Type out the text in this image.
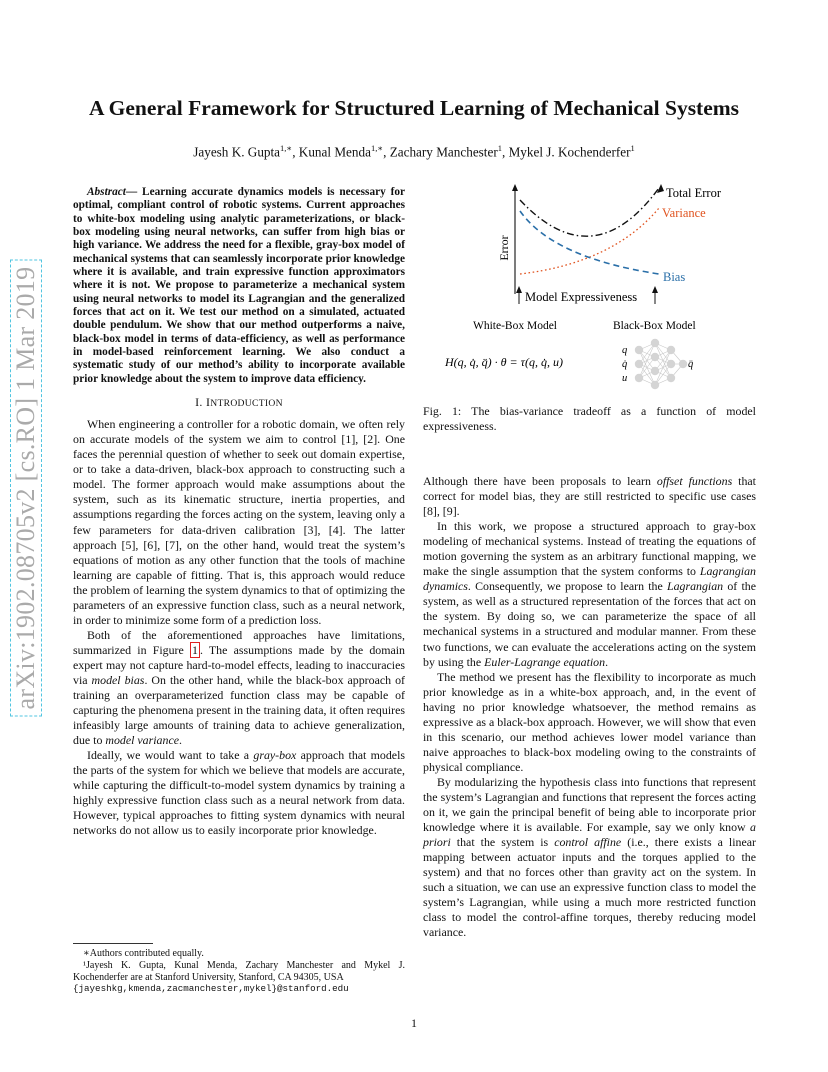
A General Framework for Structured Learning of Mechanical Systems
Jayesh K. Gupta$^{1,∗}$, Kunal Menda$^{1,∗}$, Zachary Manchester$^1$, Mykel J. Kochenderfer$^1$
arXiv:1902.08705v2 [cs.RO] 1 Mar 2019

Abstract— Learning accurate dynamics models is necessary for optimal, compliant control of robotic systems. Current approaches to white-box modeling using analytic parameterizations, or black-box modeling using neural networks, can suffer from high bias or high variance. We address the need for a flexible, gray-box model of mechanical systems that can seamlessly incorporate prior knowledge where it is available, and train expressive function approximators where it is not. We propose to parameterize a mechanical system using neural networks to model its Lagrangian and the generalized forces that act on it. We test our method on a simulated, actuated double pendulum. We show that our method outperforms a naive, black-box model in terms of data-efficiency, as well as performance in model-based reinforcement learning. We also conduct a systematic study of our method’s ability to incorporate available prior knowledge about the system to improve data efficiency.

I. INTRODUCTION

When engineering a controller for a robotic domain, we often rely on accurate models of the system we aim to control [1], [2]. One faces the perennial question of whether to seek out domain expertise, or to take a data-driven, black-box approach to constructing such a model. The former approach would make assumptions about the system, such as its kinematic structure, inertia properties, and assumptions regarding the forces acting on the system, leaving only a few parameters for data-driven calibration [3], [4]. The latter approach [5], [6], [7], on the other hand, would treat the system’s equations of motion as any other function that the tools of machine learning are capable of fitting. That is, this approach would reduce the problem of learning the system dynamics to that of optimizing the parameters of an expressive function class, such as a neural network, in order to minimize some form of a prediction loss.

Both of the aforementioned approaches have limitations, summarized in Figure 1 . The assumptions made by the domain expert may not capture hard-to-model effects, leading to inaccuracies via model bias. On the other hand, while the black-box approach of training an overparameterized function class may be capable of capturing the phenomena present in the training data, it often requires infeasibly large amounts of training data to achieve generalization, due to model variance.

Ideally, we would want to take a gray-box approach that models the parts of the system for which we believe that models are accurate, while capturing the difficult-to-model system dynamics by training a highly expressive function class such as a neural network from data. However, typical approaches to fitting system dynamics with neural networks do not allow us to easily incorporate prior knowledge.

∗Authors contributed equally.
¹Jayesh K. Gupta, Kunal Menda, Zachary Manchester and Mykel J. Kochenderfer are at Stanford University, Stanford, CA 94305, USA
{jayeshkg,kmenda,zacmanchester,mykel}@stanford.edu
Total Error
Variance
Bias
Error
Model Expressiveness
White-Box Model	Black-Box Model
H(q, q̇, q̈) · θ = τ(q, q̇, u)
q
q̇
u
q̈
Fig. 1: The bias-variance tradeoff as a function of model expressiveness.

Although there have been proposals to learn offset functions that correct for model bias, they are still restricted to specific use cases [8], [9].

In this work, we propose a structured approach to gray-box modeling of mechanical systems. Instead of treating the equations of motion governing the system as an arbitrary functional mapping, we make the single assumption that the system conforms to Lagrangian dynamics. Consequently, we propose to learn the Lagrangian of the system, as well as a structured representation of the forces that act on the system. By doing so, we can parameterize the space of all mechanical systems in a structured and modular manner. From these two functions, we can evaluate the accelerations acting on the system by using the Euler-Lagrange equation.

The method we present has the flexibility to incorporate as much prior knowledge as in a white-box approach, and, in the event of having no prior knowledge whatsoever, the method remains as expressive as a black-box approach. However, we will show that even in this scenario, our method achieves lower model variance than naive approaches to black-box modeling owing to the constraints of physical compliance.

By modularizing the hypothesis class into functions that represent the system’s Lagrangian and functions that represent the forces acting on it, we gain the principal benefit of being able to incorporate prior knowledge where it is available. For example, say we only know a priori that the system is control affine (i.e., there exists a linear mapping between actuator inputs and the torques applied to the system) and that no forces other than gravity act on the system. In such a situation, we can use an expressive function class to model the system’s Lagrangian, while using a much more restricted function class to model the control-affine torques, thereby reducing model variance.

1
